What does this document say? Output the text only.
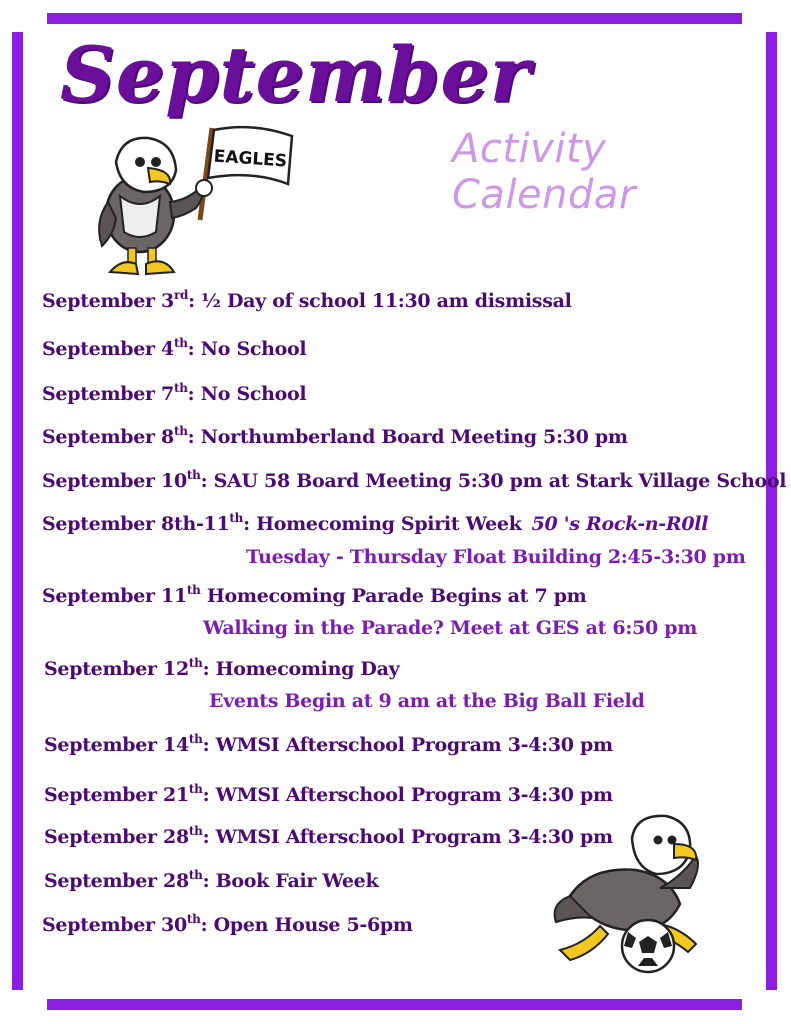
September
Activity Calendar
EAGLES
September 3rd: ½ Day of school 11:30 am dismissal
September 4th: No School
September 7th: No School
September 8th: Northumberland Board Meeting 5:30 pm
September 10th: SAU 58 Board Meeting 5:30 pm at Stark Village School
September 8th-11th: Homecoming Spirit Week 50 's Rock-n-R0ll
Tuesday - Thursday Float Building 2:45-3:30 pm
September 11th Homecoming Parade Begins at 7 pm
Walking in the Parade? Meet at GES at 6:50 pm
September 12th: Homecoming Day
Events Begin at 9 am at the Big Ball Field
September 14th: WMSI Afterschool Program 3-4:30 pm
September 21th: WMSI Afterschool Program 3-4:30 pm
September 28th: WMSI Afterschool Program 3-4:30 pm
September 28th: Book Fair Week
September 30th: Open House 5-6pm
